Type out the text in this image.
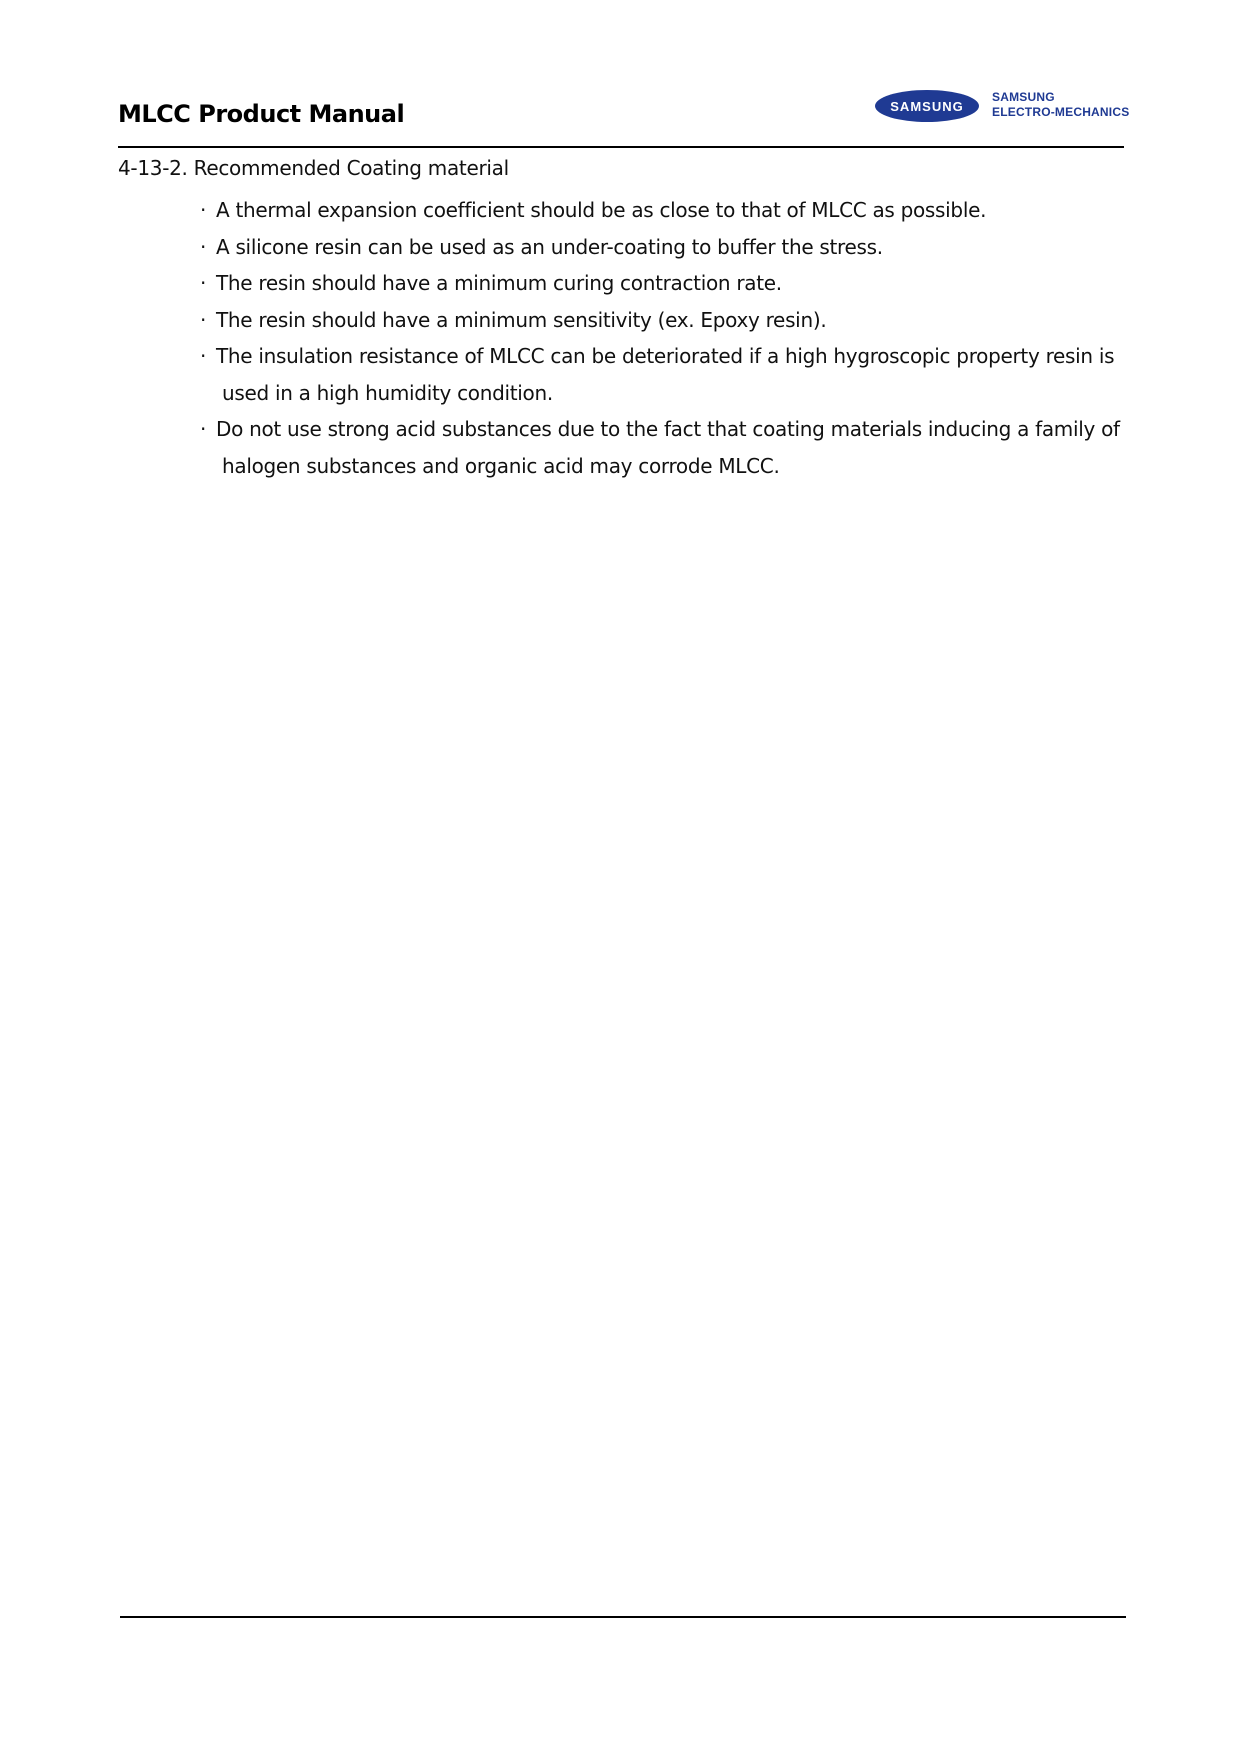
MLCC Product Manual	SAMSUNG
SAMSUNG
ELECTRO-MECHANICS
4-13-2. Recommended Coating material
· A thermal expansion coefficient should be as close to that of MLCC as possible.
· A silicone resin can be used as an under-coating to buffer the stress.
· The resin should have a minimum curing contraction rate.
· The resin should have a minimum sensitivity (ex. Epoxy resin).
· The insulation resistance of MLCC can be deteriorated if a high hygroscopic property resin is
used in a high humidity condition.
· Do not use strong acid substances due to the fact that coating materials inducing a family of
halogen substances and organic acid may corrode MLCC.
